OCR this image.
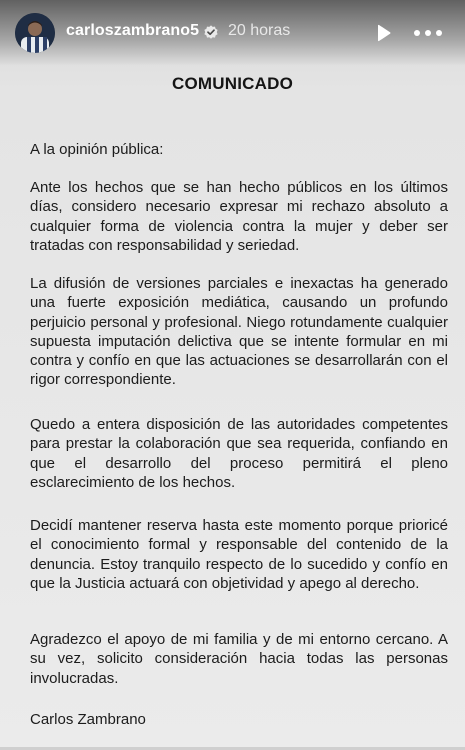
carloszambrano5 20 horas
COMUNICADO

A la opinión pública:

Ante los hechos que se han hecho públicos en los últimos días, considero necesario expresar mi rechazo absoluto a cualquier forma de violencia contra la mujer y deber ser tratadas con responsabilidad y seriedad.

La difusión de versiones parciales e inexactas ha generado una fuerte exposición mediática, causando un profundo perjuicio personal y profesional. Niego rotundamente cualquier supuesta imputación delictiva que se intente formular en mi contra y confío en que las actuaciones se desarrollarán con el rigor correspondiente.

Quedo a entera disposición de las autoridades competentes para prestar la colaboración que sea requerida, confiando en que el desarrollo del proceso permitirá el pleno esclarecimiento de los hechos.

Decidí mantener reserva hasta este momento porque prioricé el conocimiento formal y responsable del contenido de la denuncia. Estoy tranquilo respecto de lo sucedido y confío en que la Justicia actuará con objetividad y apego al derecho.

Agradezco el apoyo de mi familia y de mi entorno cercano. A su vez, solicito consideración hacia todas las personas involucradas.

Carlos Zambrano
